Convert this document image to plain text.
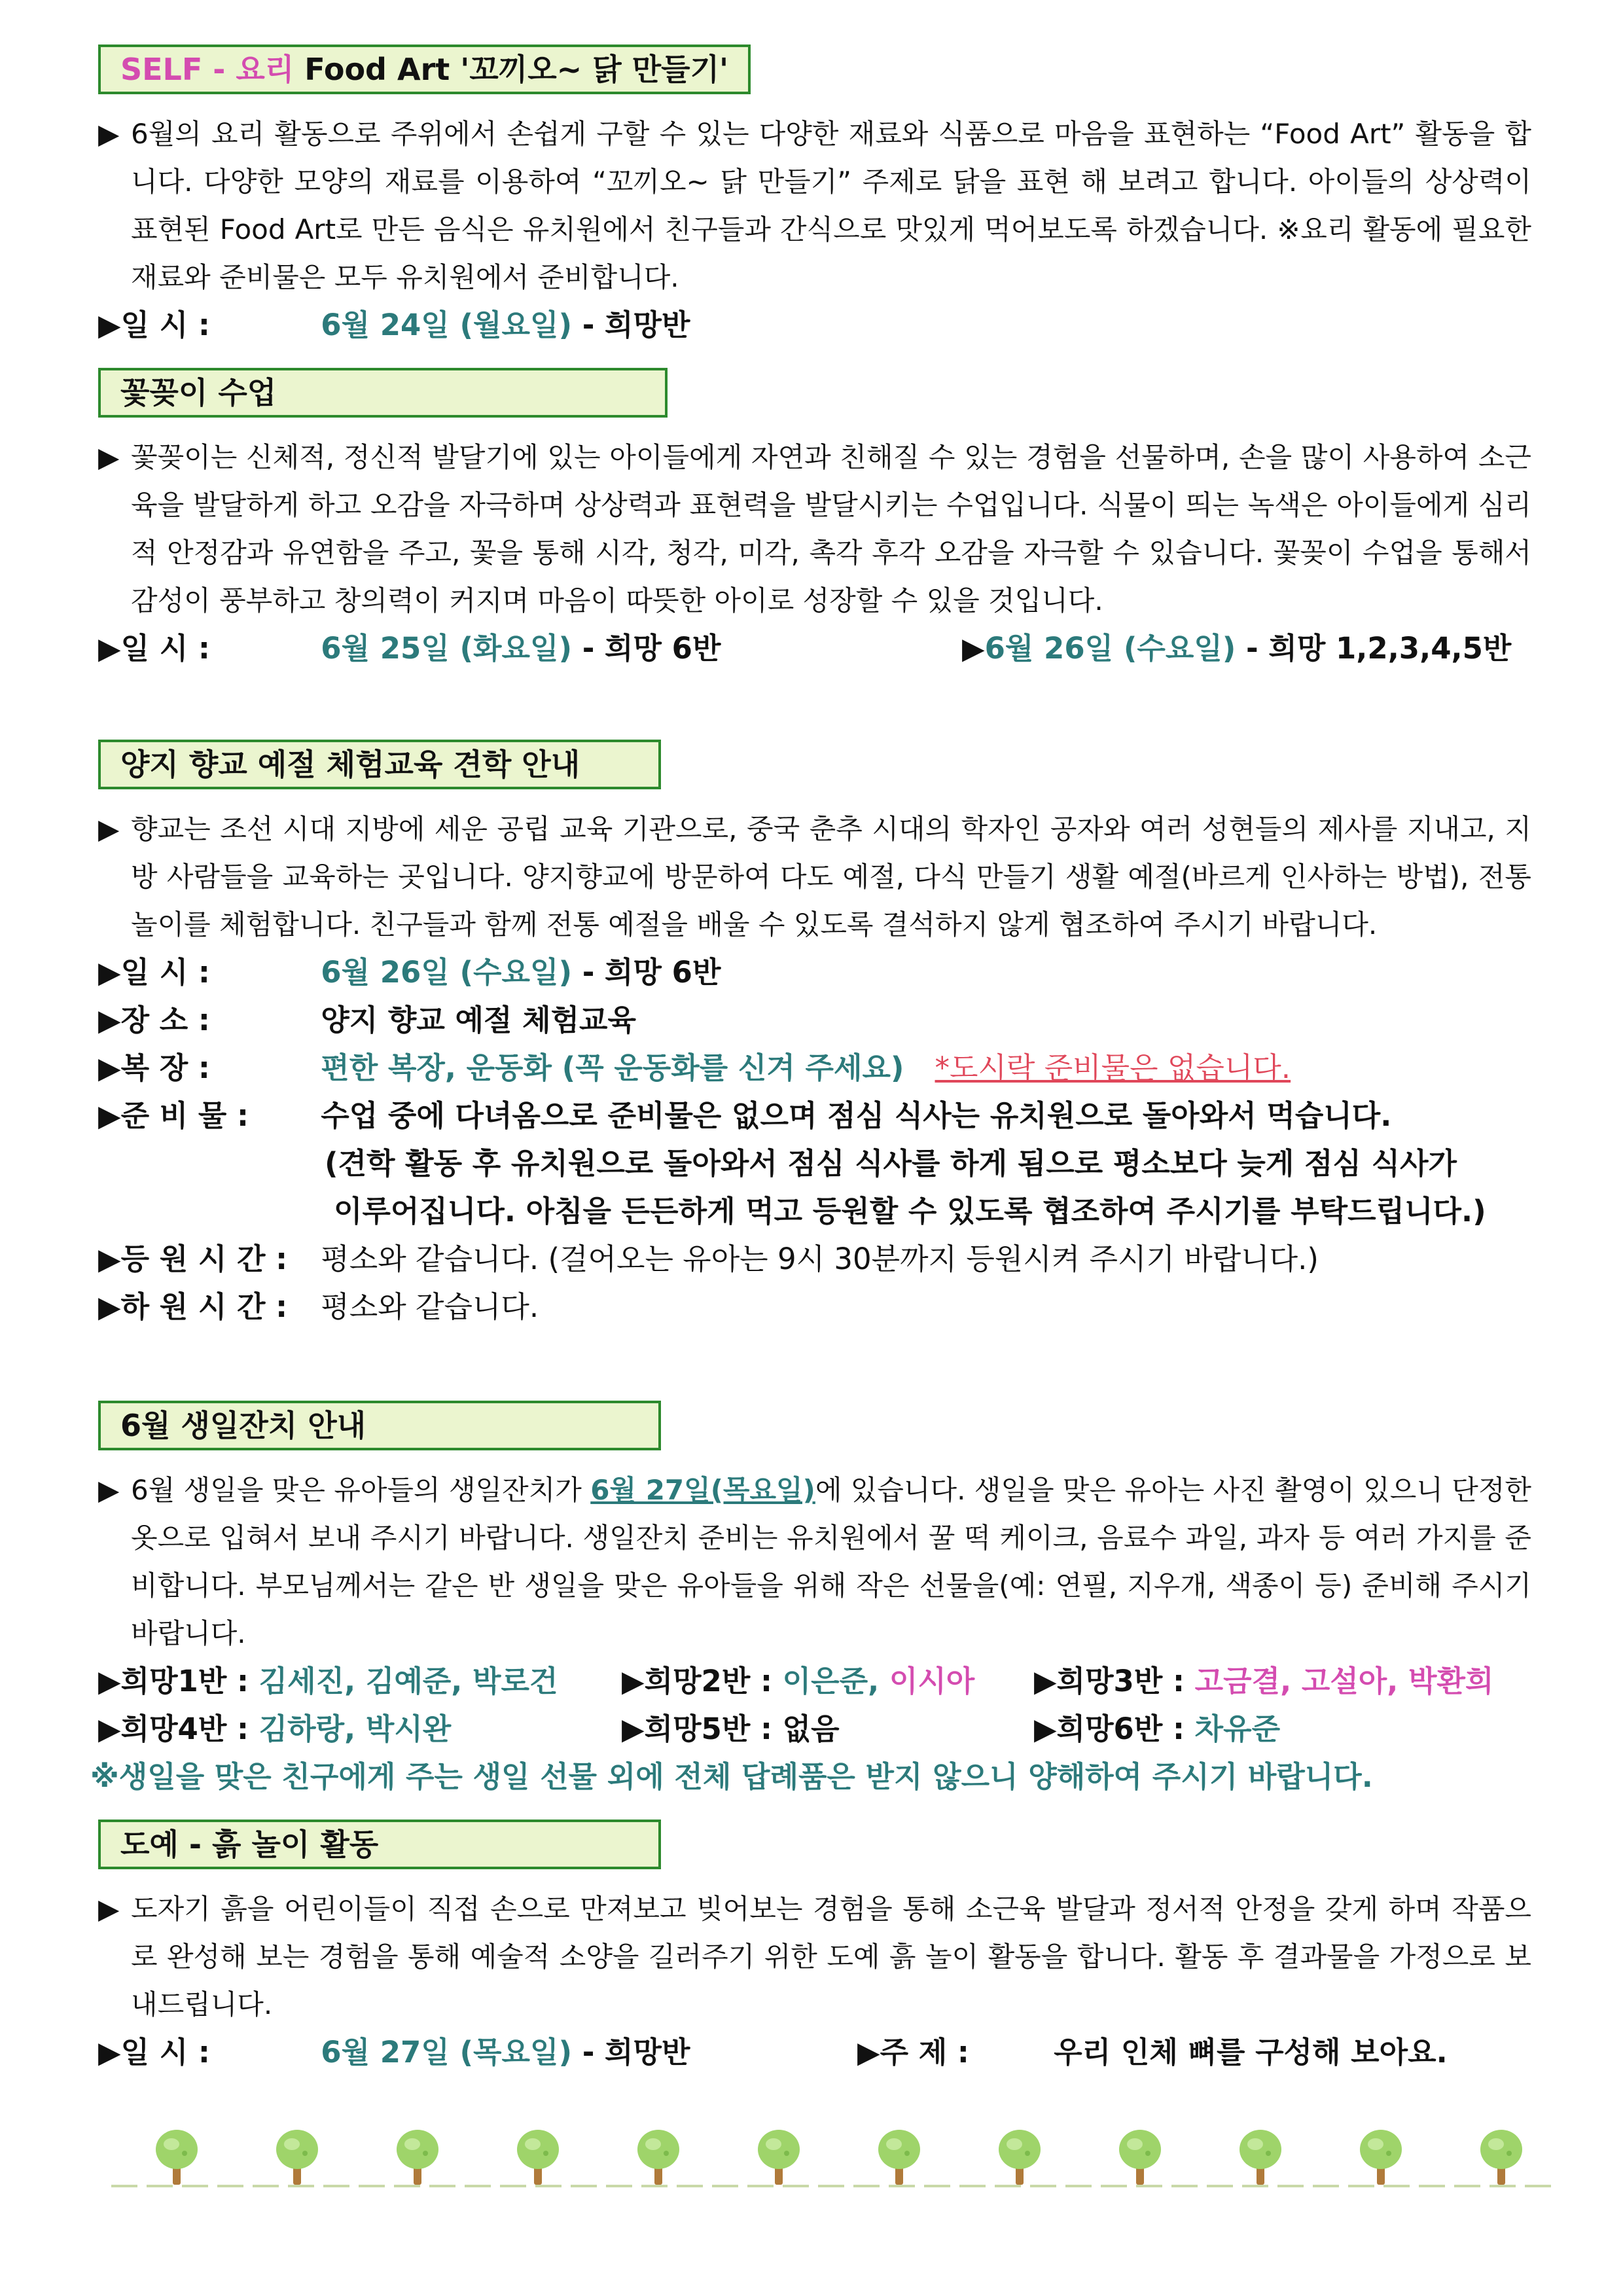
SELF - 요리 Food Art '꼬끼오~ 닭 만들기'
▶ 6월의 요리 활동으로 주위에서 손쉽게 구할 수 있는 다양한 재료와 식품으로 마음을 표현하는 “Food Art” 활동을 합니다. 다양한 모양의 재료를 이용하여 “꼬끼오~ 닭 만들기” 주제로 닭을 표현 해 보려고 합니다. 아이들의 상상력이 표현된 Food Art로 만든 음식은 유치원에서 친구들과 간식으로 맛있게 먹어보도록 하겠습니다. ※요리 활동에 필요한 재료와 준비물은 모두 유치원에서 준비합니다.
▶일 시 :	6월 24일 (월요일) - 희망반
꽃꽂이 수업
▶ 꽃꽂이는 신체적, 정신적 발달기에 있는 아이들에게 자연과 친해질 수 있는 경험을 선물하며, 손을 많이 사용하여 소근육을 발달하게 하고 오감을 자극하며 상상력과 표현력을 발달시키는 수업입니다. 식물이 띄는 녹색은 아이들에게 심리적 안정감과 유연함을 주고, 꽃을 통해 시각, 청각, 미각, 촉각 후각 오감을 자극할 수 있습니다. 꽃꽂이 수업을 통해서 감성이 풍부하고 창의력이 커지며 마음이 따뜻한 아이로 성장할 수 있을 것입니다.
▶일 시 :	6월 25일 (화요일) - 희망 6반	▶6월 26일 (수요일) - 희망 1,2,3,4,5반
양지 향교 예절 체험교육 견학 안내
▶ 향교는 조선 시대 지방에 세운 공립 교육 기관으로, 중국 춘추 시대의 학자인 공자와 여러 성현들의 제사를 지내고, 지방 사람들을 교육하는 곳입니다. 양지향교에 방문하여 다도 예절, 다식 만들기 생활 예절(바르게 인사하는 방법), 전통 놀이를 체험합니다. 친구들과 함께 전통 예절을 배울 수 있도록 결석하지 않게 협조하여 주시기 바랍니다.
▶일 시 :	6월 26일 (수요일) - 희망 6반
▶장 소 :	양지 향교 예절 체험교육
▶복 장 :	편한 복장, 운동화 (꼭 운동화를 신겨 주세요) *도시락 준비물은 없습니다.
▶준 비 물 : 수업 중에 다녀옴으로 준비물은 없으며 점심 식사는 유치원으로 돌아와서 먹습니다.
(견학 활동 후 유치원으로 돌아와서 점심 식사를 하게 됨으로 평소보다 늦게 점심 식사가
이루어집니다. 아침을 든든하게 먹고 등원할 수 있도록 협조하여 주시기를 부탁드립니다.)
▶등 원 시 간 : 평소와 같습니다. (걸어오는 유아는 9시 30분까지 등원시켜 주시기 바랍니다.)
▶하 원 시 간 : 평소와 같습니다.
6월 생일잔치 안내
▶ 6월 생일을 맞은 유아들의 생일잔치가 6월 27일(목요일)에 있습니다. 생일을 맞은 유아는 사진 촬영이 있으니 단정한 옷으로 입혀서 보내 주시기 바랍니다. 생일잔치 준비는 유치원에서 꿀 떡 케이크, 음료수 과일, 과자 등 여러 가지를 준비합니다. 부모님께서는 같은 반 생일을 맞은 유아들을 위해 작은 선물을(예: 연필, 지우개, 색종이 등) 준비해 주시기 바랍니다.
▶희망1반 : 김세진, 김예준, 박로건 ▶희망2반 : 이은준, 이시아 ▶희망3반 : 고금결, 고설아, 박환희
▶희망4반 : 김하랑, 박시완	▶희망5반 : 없음	▶희망6반 : 차유준
※생일을 맞은 친구에게 주는 생일 선물 외에 전체 답례품은 받지 않으니 양해하여 주시기 바랍니다.
도예 - 흙 놀이 활동
▶ 도자기 흙을 어린이들이 직접 손으로 만져보고 빚어보는 경험을 통해 소근육 발달과 정서적 안정을 갖게 하며 작품으로 완성해 보는 경험을 통해 예술적 소양을 길러주기 위한 도예 흙 놀이 활동을 합니다. 활동 후 결과물을 가정으로 보내드립니다.
▶일 시 :	6월 27일 (목요일) - 희망반	▶주 제 :	우리 인체 뼈를 구성해 보아요.
